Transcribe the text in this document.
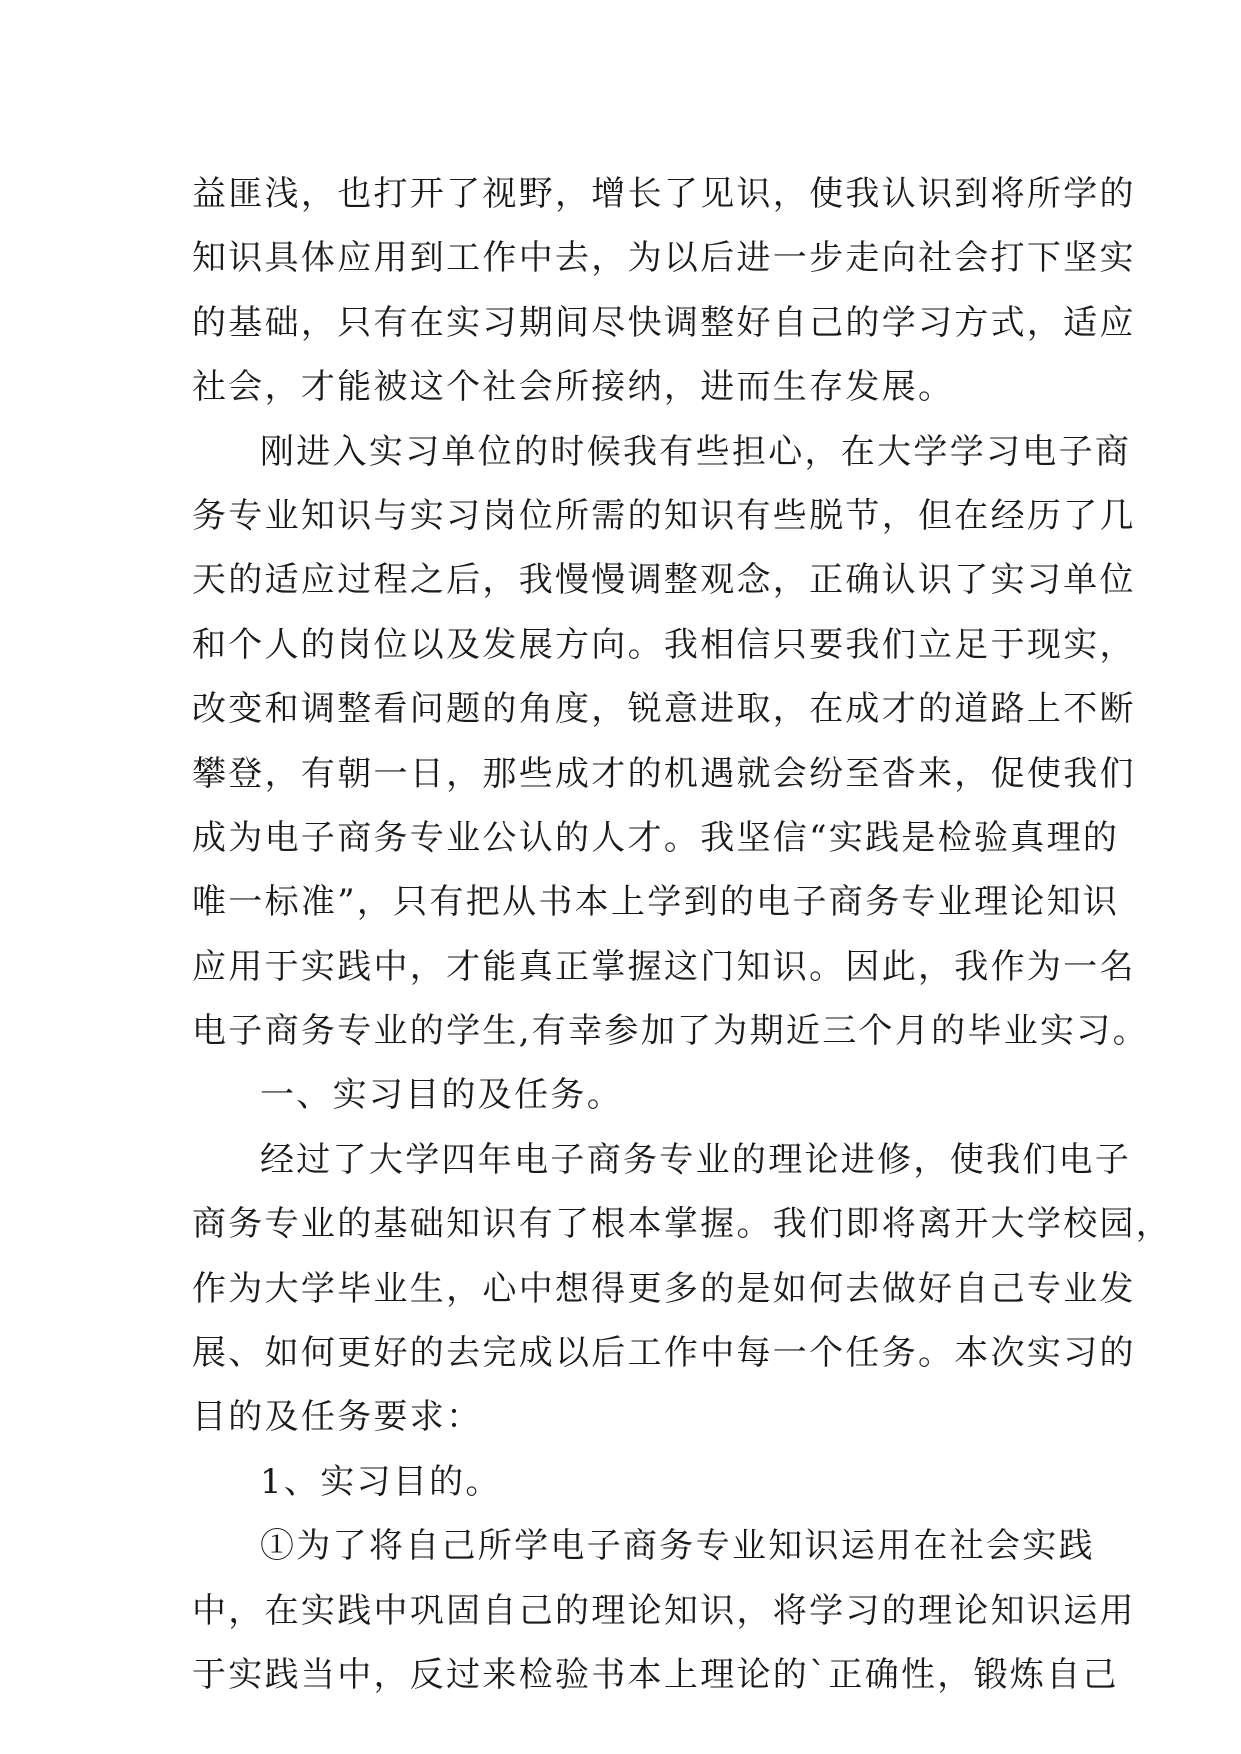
益匪浅，也打开了视野，增长了见识，使我认识到将所学的
知识具体应用到工作中去，为以后进一步走向社会打下坚实
的基础，只有在实习期间尽快调整好自己的学习方式，适应
社会，才能被这个社会所接纳，进而生存发展。
刚进入实习单位的时候我有些担心，在大学学习电子商
务专业知识与实习岗位所需的知识有些脱节，但在经历了几
天的适应过程之后，我慢慢调整观念，正确认识了实习单位
和个人的岗位以及发展方向。我相信只要我们立足于现实，
改变和调整看问题的角度，锐意进取，在成才的道路上不断
攀登，有朝一日，那些成才的机遇就会纷至沓来，促使我们
成为电子商务专业公认的人才。我坚信“实践是检验真理的
唯一标准”，只有把从书本上学到的电子商务专业理论知识
应用于实践中，才能真正掌握这门知识。因此，我作为一名
电子商务专业的学生,有幸参加了为期近三个月的毕业实习。
一、实习目的及任务。
经过了大学四年电子商务专业的理论进修，使我们电子
商务专业的基础知识有了根本掌握。我们即将离开大学校园，
作为大学毕业生，心中想得更多的是如何去做好自己专业发
展、如何更好的去完成以后工作中每一个任务。本次实习的
目的及任务要求：
1、实习目的。
①为了将自己所学电子商务专业知识运用在社会实践
中，在实践中巩固自己的理论知识，将学习的理论知识运用
于实践当中，反过来检验书本上理论的`正确性，锻炼自己
